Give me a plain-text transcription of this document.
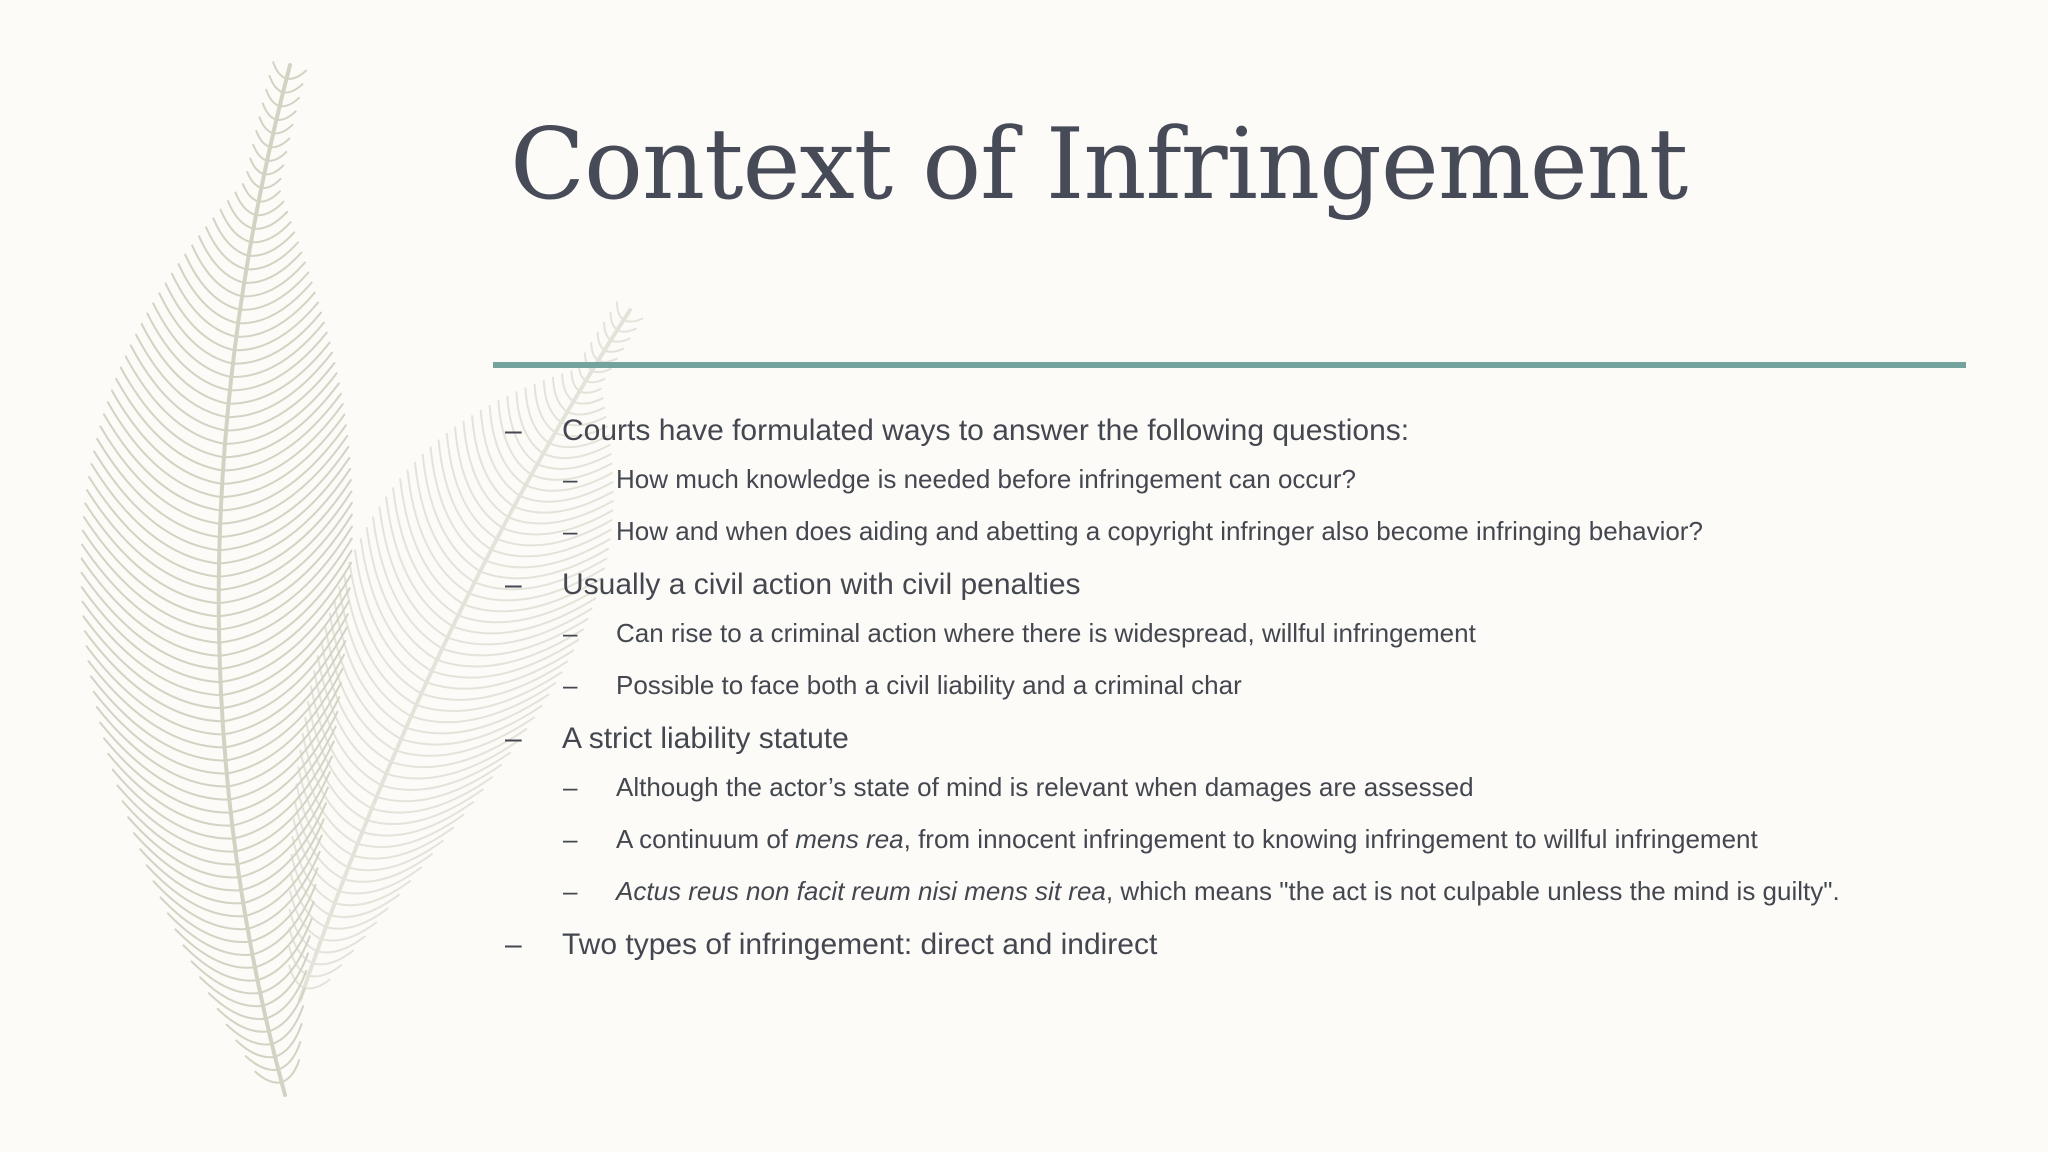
Context of Infringement
– Courts have formulated ways to answer the following questions:
– How much knowledge is needed before infringement can occur?
– How and when does aiding and abetting a copyright infringer also become infringing behavior?
– Usually a civil action with civil penalties
– Can rise to a criminal action where there is widespread, willful infringement
– Possible to face both a civil liability and a criminal char
– A strict liability statute
– Although the actor’s state of mind is relevant when damages are assessed
– A continuum of mens rea, from innocent infringement to knowing infringement to willful infringement
– Actus reus non facit reum nisi mens sit rea, which means "the act is not culpable unless the mind is guilty".
– Two types of infringement: direct and indirect
